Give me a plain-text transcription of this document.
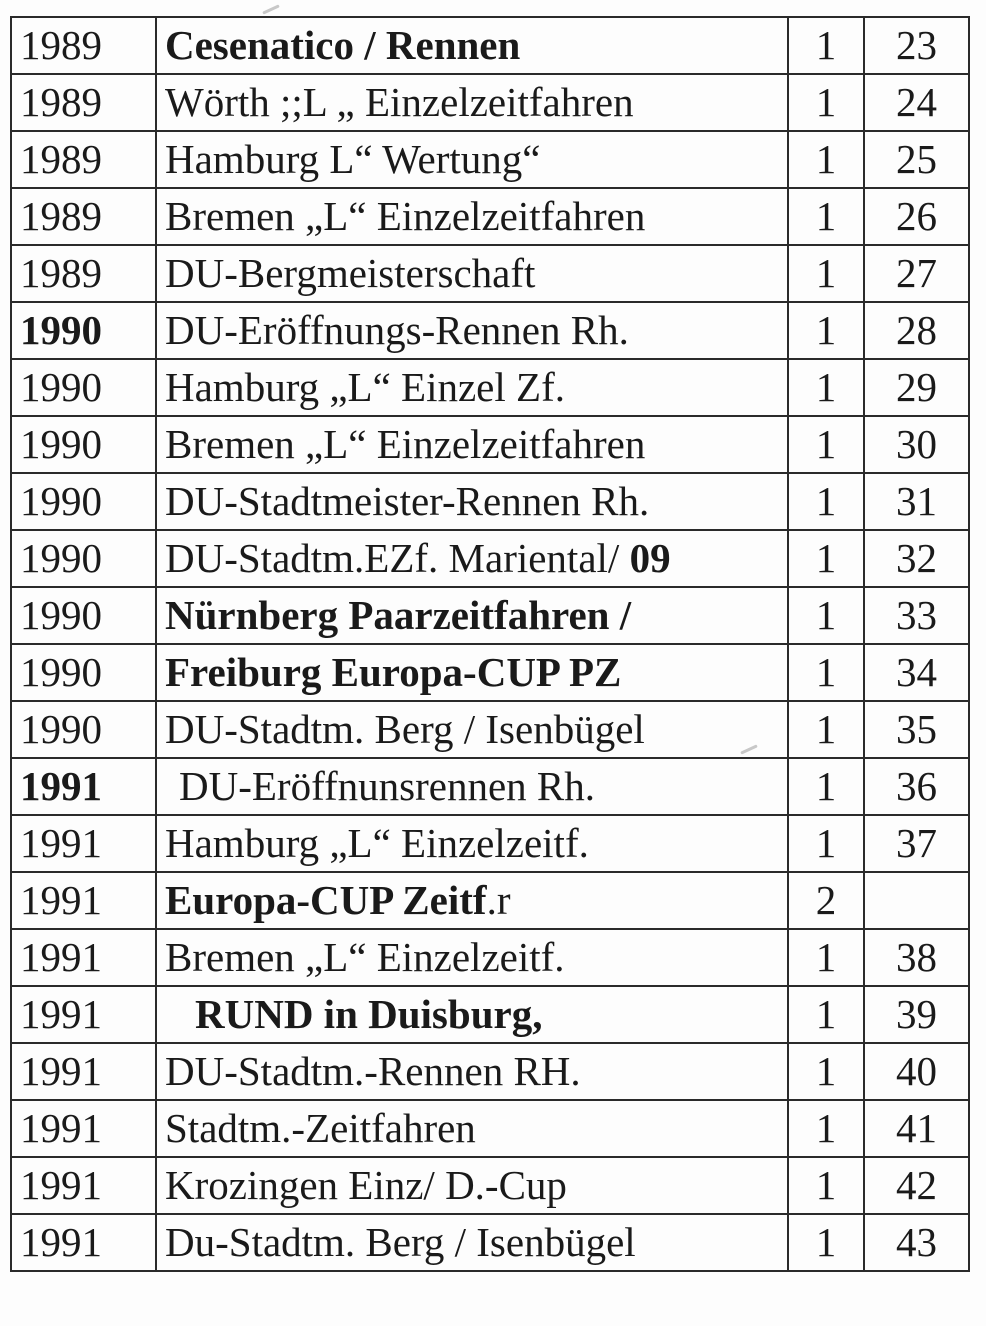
1989	Cesenatico / Rennen	1	23
1989	Wörth ;;L „ Einzelzeitfahren	1	24
1989	Hamburg L“ Wertung“	1	25
1989	Bremen „L“ Einzelzeitfahren	1	26
1989	DU-Bergmeisterschaft	1	27
1990	DU-Eröffnungs-Rennen Rh.	1	28
1990	Hamburg „L“ Einzel Zf.	1	29
1990	Bremen „L“ Einzelzeitfahren	1	30
1990	DU-Stadtmeister-Rennen Rh.	1	31
1990	DU-Stadtm.EZf. Mariental/ 09	1	32
1990	Nürnberg Paarzeitfahren /	1	33
1990	Freiburg Europa-CUP PZ	1	34
1990	DU-Stadtm. Berg / Isenbügel	1	35
1991	DU-Eröffnunsrennen Rh.	1	36
1991	Hamburg „L“ Einzelzeitf.	1	37
1991	Europa-CUP Zeitf.r	2	
1991	Bremen „L“ Einzelzeitf.	1	38
1991	RUND in Duisburg,	1	39
1991	DU-Stadtm.-Rennen RH.	1	40
1991	Stadtm.-Zeitfahren	1	41
1991	Krozingen Einz/ D.-Cup	1	42
1991	Du-Stadtm. Berg / Isenbügel	1	43
